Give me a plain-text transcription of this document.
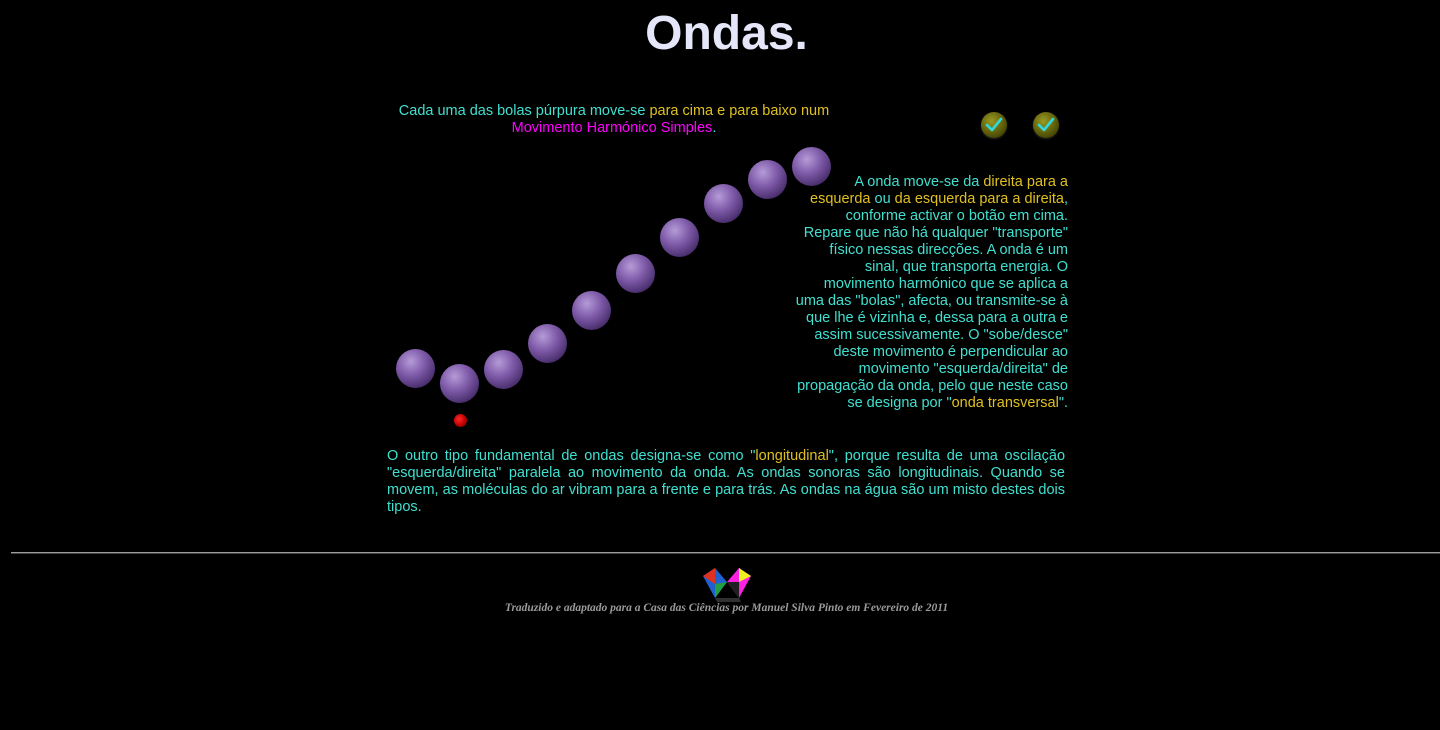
Ondas.
Cada uma das bolas púrpura move-se para cima e para baixo num
Movimento Harmónico Simples.
A onda move-se da direita para a esquerda ou da esquerda para a direita, conforme activar o botão em cima. Repare que não há qualquer "transporte" físico nessas direcções. A onda é um sinal, que transporta energia. O movimento harmónico que se aplica a uma das "bolas", afecta, ou transmite-se à que lhe é vizinha e, dessa para a outra e assim sucessivamente. O "sobe/desce" deste movimento é perpendicular ao movimento "esquerda/direita" de propagação da onda, pelo que neste caso se designa por "onda transversal".
O outro tipo fundamental de ondas designa-se como "longitudinal", porque resulta de uma oscilação "esquerda/direita" paralela ao movimento da onda. As ondas sonoras são longitudinais. Quando se movem, as moléculas do ar vibram para a frente e para trás. As ondas na água são um misto destes dois tipos.
Traduzido e adaptado para a Casa das Ciências por Manuel Silva Pinto em Fevereiro de 2011
